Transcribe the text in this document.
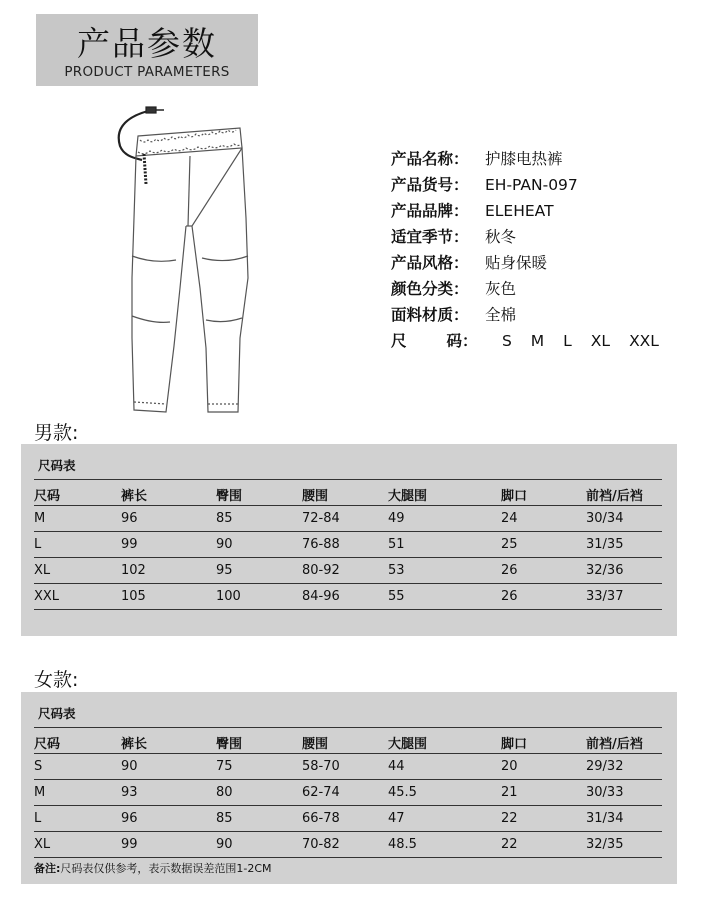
产品参数
PRODUCT PARAMETERS
产品名称： 护膝电热裤
产品货号： EH-PAN-097
产品品牌： ELEHEAT
适宜季节： 秋冬
产品风格： 贴身保暖
颜色分类： 灰色
面料材质： 全棉
尺	码： S M L XL XXL
男款:
尺码表
尺码	裤长	臀围	腰围	大腿围	脚口	前裆/后裆
M	96	85	72-84	49	24	30/34
L	99	90	76-88	51	25	31/35
XL	102	95	80-92	53	26	32/36
XXL	105	100	84-96	55	26	33/37
女款:
尺码表
尺码	裤长	臀围	腰围	大腿围	脚口	前裆/后裆
S	90	75	58-70	44	20	29/32
M	93	80	62-74	45.5	21	30/33
L	96	85	66-78	47	22	31/34
XL	99	90	70-82	48.5	22	32/35
备注:尺码表仅供参考，表示数据误差范围1-2CM
